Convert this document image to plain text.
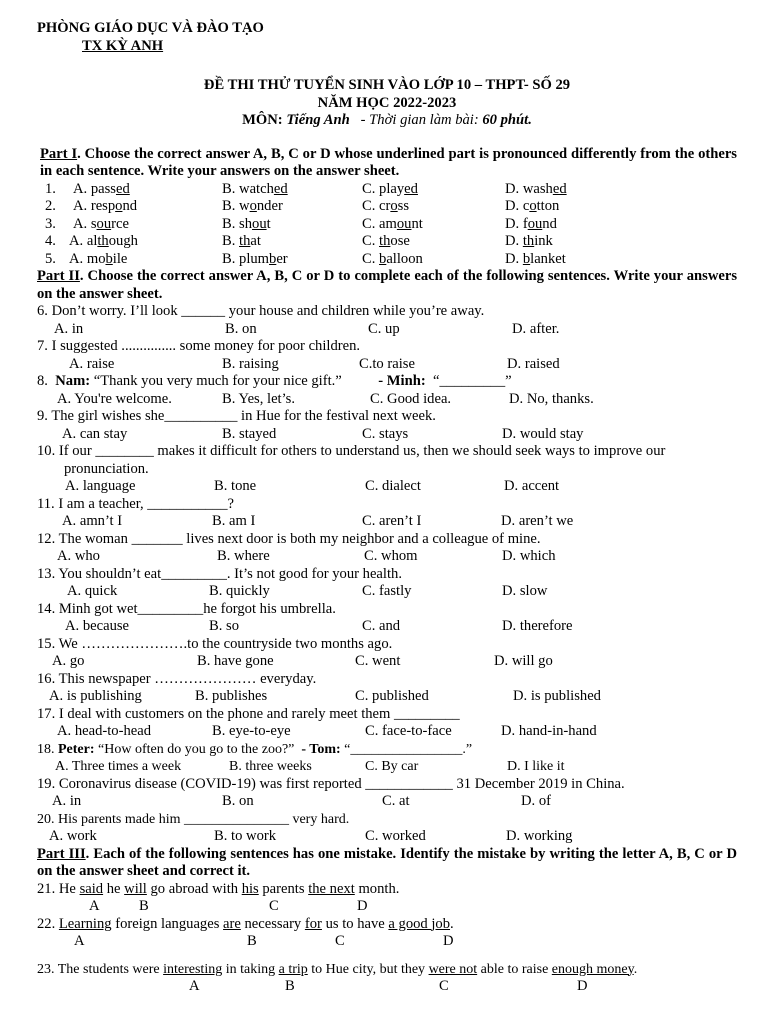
PHÒNG GIÁO DỤC VÀ ĐÀO TẠO
TX KỲ ANH
ĐỀ THI THỬ TUYỂN SINH VÀO LỚP 10 – THPT- SỐ 29
NĂM HỌC 2022-2023
MÔN: Tiếng Anh   - Thời gian làm bài: 60 phút.
Part I. Choose the correct answer A, B, C or D whose underlined part is pronounced differently from the others in each sentence. Write your answers on the answer sheet.
1. A. passed	B. watched	C. played	D. washed
2. A. respond	B. wonder	C. cross	D. cotton
3. A. source	B. shout	C. amount	D. found
4. A. although	B. that	C. those	D. think
5. A. mobile	B. plumber	C. balloon	D. blanket
Part II. Choose the correct answer A, B, C or D to complete each of the following sentences. Write your answers on the answer sheet.
6. Don’t worry. I’ll look ______ your house and children while you’re away.
A. in	B. on	C. up	D. after.
7. I suggested ............... some money for poor children.
A. raise	B. raising	C.to raise	D. raised
8.  Nam: “Thank you very much for your nice gift.”          - Minh:  “_________”
A. You're welcome.	B. Yes, let’s.	C. Good idea.	D. No, thanks.
9. The girl wishes she__________ in Hue for the festival next week.
A. can stay	B. stayed	C. stays	D. would stay
10. If our ________ makes it difficult for others to understand us, then we should seek ways to improve our
pronunciation.
A. language	B. tone	C. dialect	D. accent
11. I am a teacher, ___________?
A. amn’t I	B. am I	C. aren’t I	D. aren’t we
12. The woman _______ lives next door is both my neighbor and a colleague of mine.
A. who	B. where	C. whom	D. which
13. You shouldn’t eat_________. It’s not good for your health.
A. quick	B. quickly	C. fastly	D. slow
14. Minh got wet_________he forgot his umbrella.
A. because	B. so	C. and	D. therefore
15. We ………………….to the countryside two months ago.
A. go	B. have gone	C. went	D. will go
16. This newspaper ………………… everyday.
A. is publishing	B. publishes	C. published	D. is published
17. I deal with customers on the phone and rarely meet them _________
A. head-to-head	B. eye-to-eye	C. face-to-face	D. hand-in-hand
18. Peter: “How often do you go to the zoo?”  - Tom: “________________.”
A. Three times a week	B. three weeks	C. By car	D. I like it
19. Coronavirus disease (COVID-19) was first reported ____________ 31 December 2019 in China.
A. in	B. on	C. at	D. of
20. His parents made him _______________ very hard.
A. work	B. to work	C. worked	D. working
Part III. Each of the following sentences has one mistake. Identify the mistake by writing the letter A, B, C or D on the answer sheet and correct it.
21. He said he will go abroad with his parents the next month.
A	B	C	D
22. Learning foreign languages are necessary for us to have a good job.
A	B	C	D
23. The students were interesting in taking a trip to Hue city, but they were not able to raise enough money.
A	B	C	D
